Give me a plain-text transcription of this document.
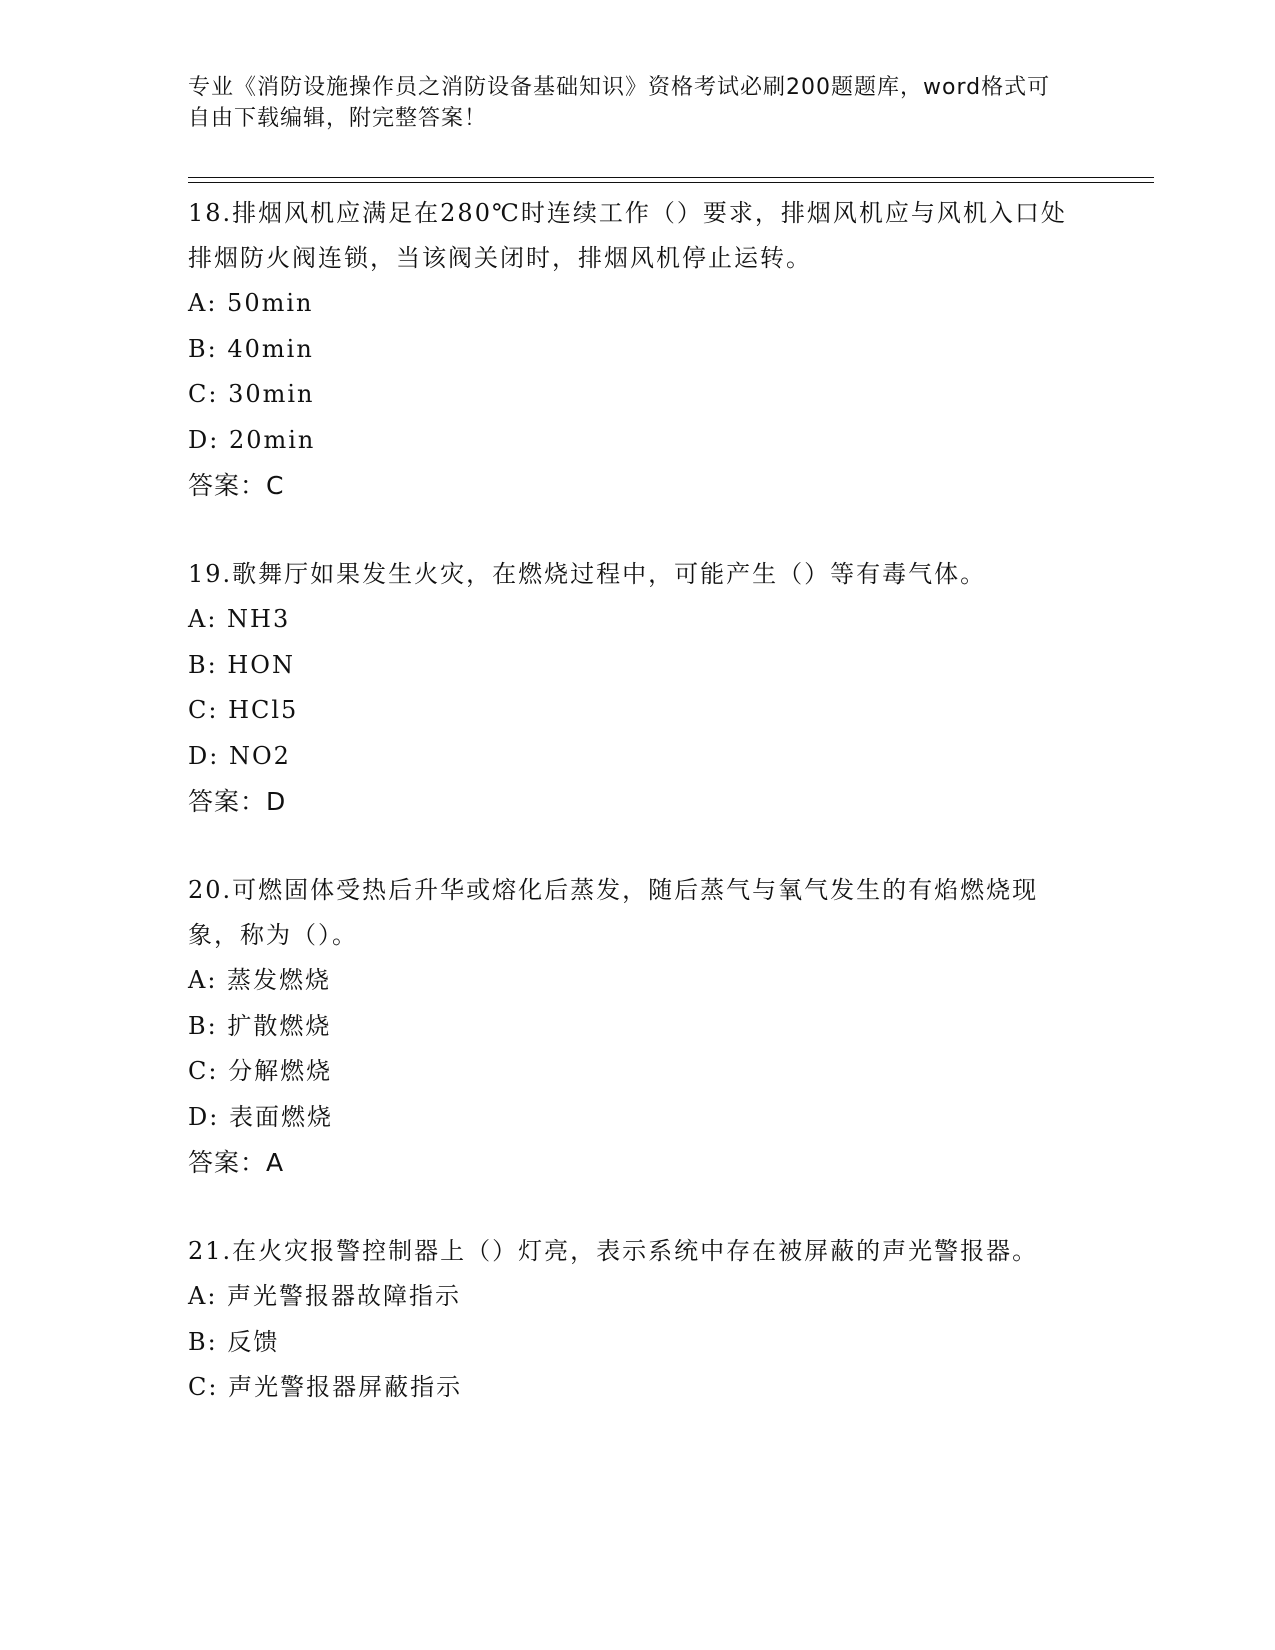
专业《消防设施操作员之消防设备基础知识》资格考试必刷200题题库，word格式可自由下载编辑，附完整答案！
18.排烟风机应满足在280℃时连续工作（）要求，排烟风机应与风机入口处排烟防火阀连锁，当该阀关闭时，排烟风机停止运转。
A: 50min
B: 40min
C: 30min
D: 20min
答案：C
19.歌舞厅如果发生火灾，在燃烧过程中，可能产生（）等有毒气体。
A: NH3
B: HON
C: HCl5
D: NO2
答案：D
20.可燃固体受热后升华或熔化后蒸发，随后蒸气与氧气发生的有焰燃烧现象，称为（）。
A: 蒸发燃烧
B: 扩散燃烧
C: 分解燃烧
D: 表面燃烧
答案：A
21.在火灾报警控制器上（）灯亮，表示系统中存在被屏蔽的声光警报器。
A: 声光警报器故障指示
B: 反馈
C: 声光警报器屏蔽指示
